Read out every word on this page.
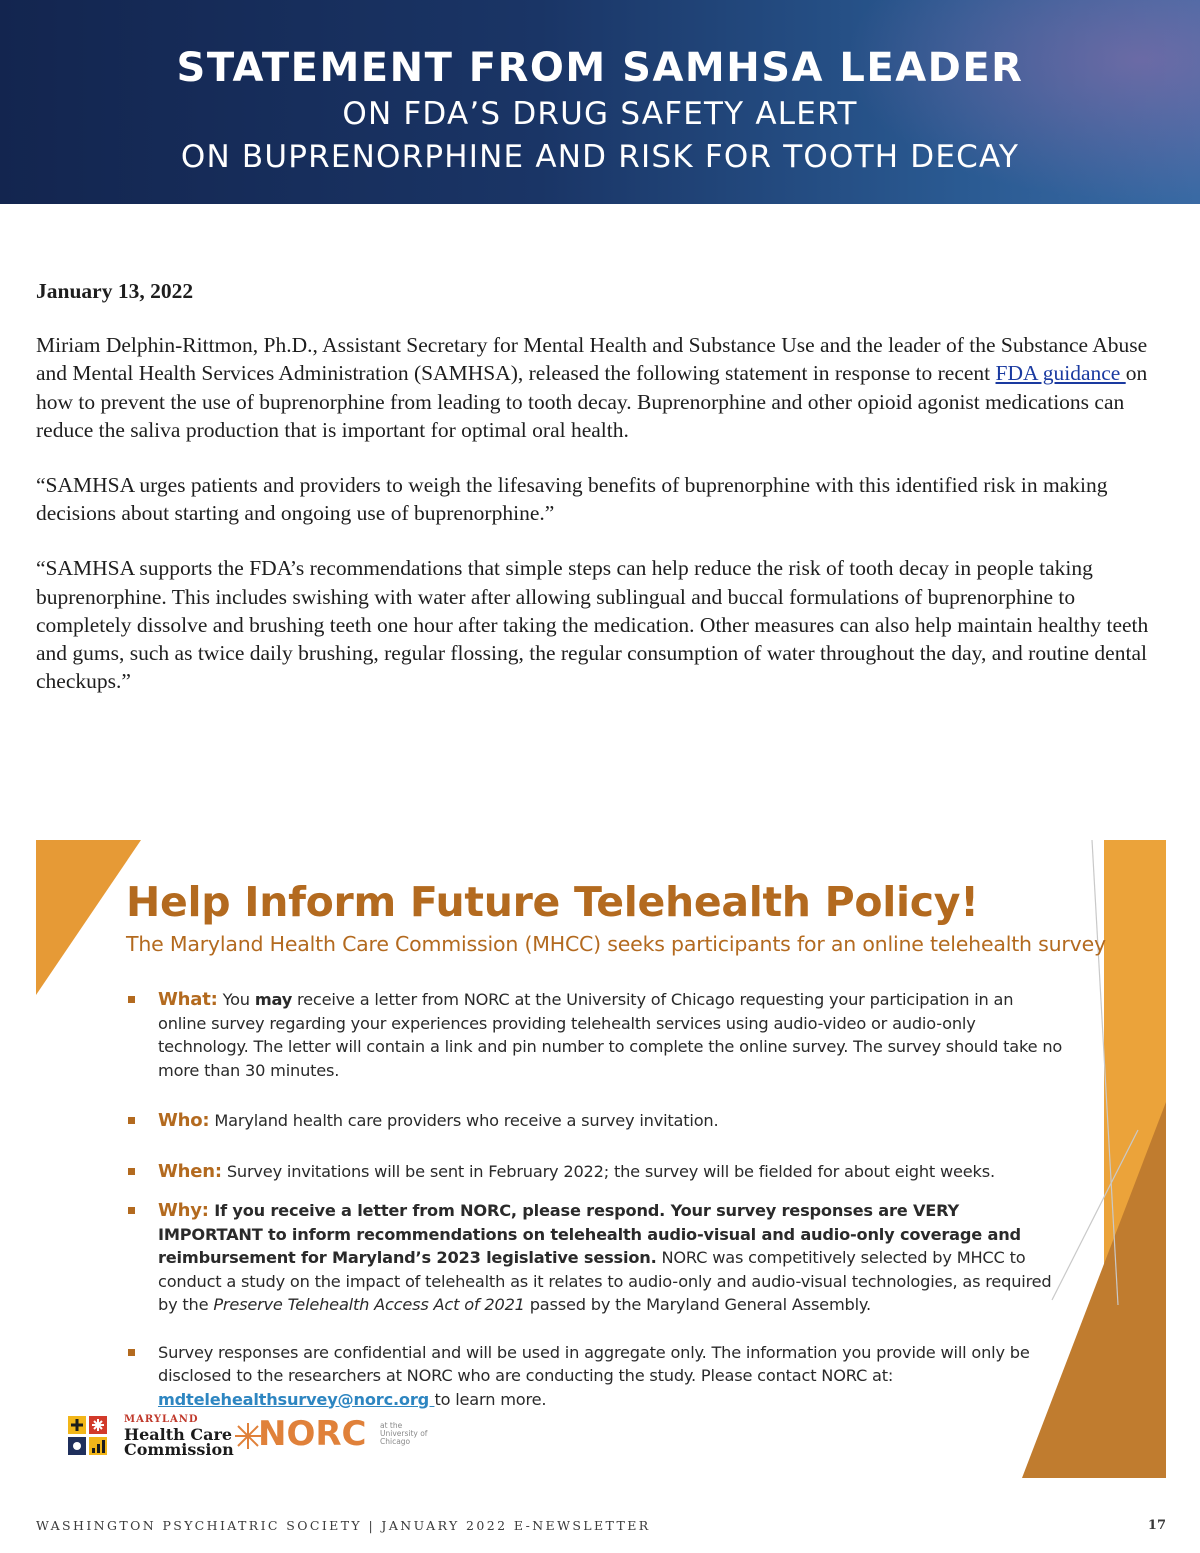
STATEMENT FROM SAMHSA LEADER
ON FDA’S DRUG SAFETY ALERT
ON BUPRENORPHINE AND RISK FOR TOOTH DECAY

January 13, 2022

Miriam Delphin-Rittmon, Ph.D., Assistant Secretary for Mental Health and Substance Use and the leader of the Substance Abuse and Mental Health Services Administration (SAMHSA), released the following statement in response to recent FDA guidance on how to prevent the use of buprenorphine from leading to tooth decay. Buprenorphine and other opioid agonist medications can reduce the saliva production that is important for optimal oral health.

“SAMHSA urges patients and providers to weigh the lifesaving benefits of buprenorphine with this identified risk in making decisions about starting and ongoing use of buprenorphine.”

“SAMHSA supports the FDA’s recommendations that simple steps can help reduce the risk of tooth decay in people taking buprenorphine. This includes swishing with water after allowing sublingual and buccal formulations of buprenorphine to completely dissolve and brushing teeth one hour after taking the medication. Other measures can also help maintain healthy teeth and gums, such as twice daily brushing, regular flossing, the regular consumption of water throughout the day, and routine dental checkups.”

Help Inform Future Telehealth Policy!
The Maryland Health Care Commission (MHCC) seeks participants for an online telehealth survey
What: You may receive a letter from NORC at the University of Chicago requesting your participation in an online survey regarding your experiences providing telehealth services using audio-video or audio-only technology. The letter will contain a link and pin number to complete the online survey. The survey should take no more than 30 minutes.
Who: Maryland health care providers who receive a survey invitation.
When: Survey invitations will be sent in February 2022; the survey will be fielded for about eight weeks.
Why: If you receive a letter from NORC, please respond. Your survey responses are VERY IMPORTANT to inform recommendations on telehealth audio-visual and audio-only coverage and reimbursement for Maryland’s 2023 legislative session. NORC was competitively selected by MHCC to conduct a study on the impact of telehealth as it relates to audio-only and audio-visual technologies, as required by the Preserve Telehealth Access Act of 2021 passed by the Maryland General Assembly.
Survey responses are confidential and will be used in aggregate only. The information you provide will only be disclosed to the researchers at NORC who are conducting the study. Please contact NORC at:
mdtelehealthsurvey@norc.org to learn more.
MARYLAND
Health Care
Commission NORC at the
University of
Chicago
WASHINGTON PSYCHIATRIC SOCIETY | JANUARY 2022 E-NEWSLETTER	17
